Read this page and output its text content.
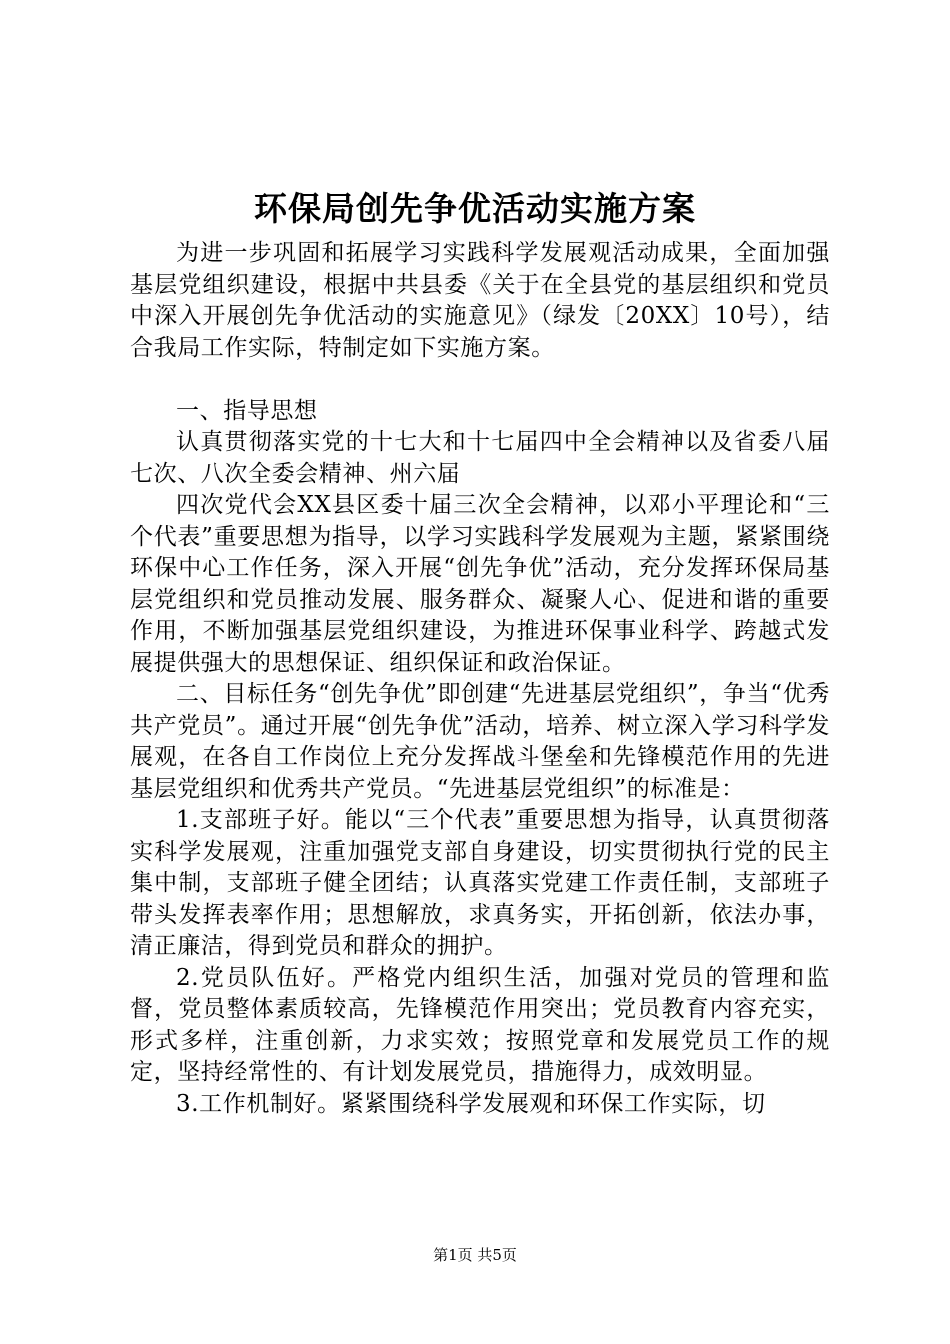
环保局创先争优活动实施方案

为进一步巩固和拓展学习实践科学发展观活动成果，全面加强基层党组织建设，根据中共县委《关于在全县党的基层组织和党员中深入开展创先争优活动的实施意见》（绿发〔20XX〕10号），结合我局工作实际，特制定如下实施方案。

一、指导思想

认真贯彻落实党的十七大和十七届四中全会精神以及省委八届七次、八次全委会精神、州六届

四次党代会XX县区委十届三次全会精神，以邓小平理论和“三个代表”重要思想为指导，以学习实践科学发展观为主题，紧紧围绕环保中心工作任务，深入开展“创先争优”活动，充分发挥环保局基层党组织和党员推动发展、服务群众、凝聚人心、促进和谐的重要作用，不断加强基层党组织建设，为推进环保事业科学、跨越式发展提供强大的思想保证、组织保证和政治保证。

二、目标任务“创先争优”即创建“先进基层党组织”，争当“优秀共产党员”。通过开展“创先争优”活动，培养、树立深入学习科学发展观，在各自工作岗位上充分发挥战斗堡垒和先锋模范作用的先进基层党组织和优秀共产党员。“先进基层党组织”的标准是：

1.支部班子好。能以“三个代表”重要思想为指导，认真贯彻落实科学发展观，注重加强党支部自身建设，切实贯彻执行党的民主集中制，支部班子健全团结；认真落实党建工作责任制，支部班子带头发挥表率作用；思想解放，求真务实，开拓创新，依法办事，清正廉洁，得到党员和群众的拥护。

2.党员队伍好。严格党内组织生活，加强对党员的管理和监督，党员整体素质较高，先锋模范作用突出；党员教育内容充实，形式多样，注重创新，力求实效；按照党章和发展党员工作的规定，坚持经常性的、有计划发展党员，措施得力，成效明显。

3.工作机制好。紧紧围绕科学发展观和环保工作实际，切

第1页 共5页
